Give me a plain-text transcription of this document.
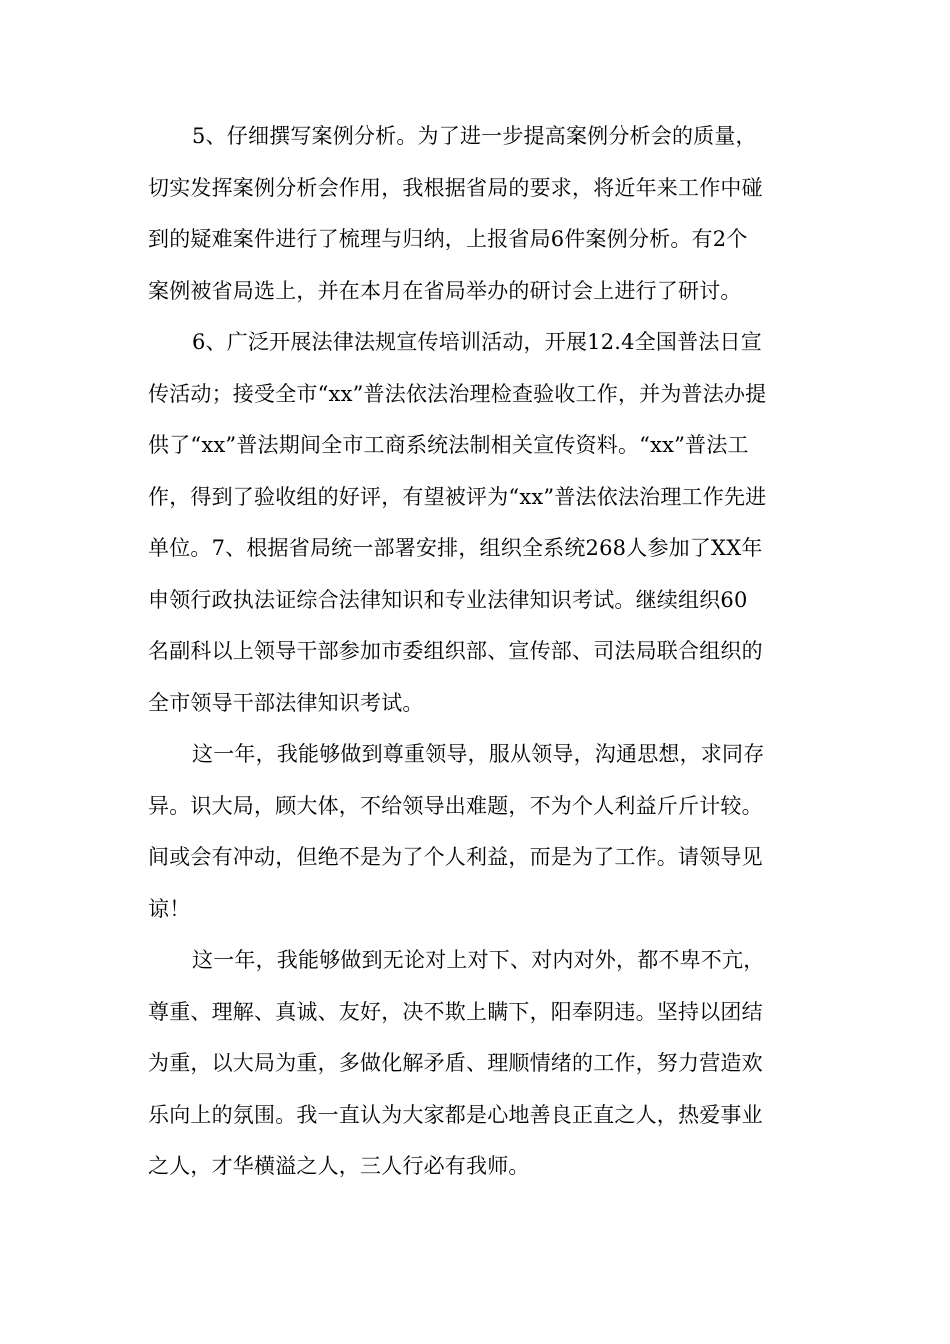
5、仔细撰写案例分析。为了进一步提高案例分析会的质量，
切实发挥案例分析会作用，我根据省局的要求，将近年来工作中碰
到的疑难案件进行了梳理与归纳，上报省局6件案例分析。有2个
案例被省局选上，并在本月在省局举办的研讨会上进行了研讨。
6、广泛开展法律法规宣传培训活动，开展12.4全国普法日宣
传活动；接受全市“xx”普法依法治理检查验收工作，并为普法办提
供了“xx”普法期间全市工商系统法制相关宣传资料。“xx”普法工
作，得到了验收组的好评，有望被评为“xx”普法依法治理工作先进
单位。7、根据省局统一部署安排，组织全系统268人参加了XX年
申领行政执法证综合法律知识和专业法律知识考试。继续组织60
名副科以上领导干部参加市委组织部、宣传部、司法局联合组织的
全市领导干部法律知识考试。
这一年，我能够做到尊重领导，服从领导，沟通思想，求同存
异。识大局，顾大体，不给领导出难题，不为个人利益斤斤计较。
间或会有冲动，但绝不是为了个人利益，而是为了工作。请领导见
谅！
这一年，我能够做到无论对上对下、对内对外，都不卑不亢，
尊重、理解、真诚、友好，决不欺上瞒下，阳奉阴违。坚持以团结
为重，以大局为重，多做化解矛盾、理顺情绪的工作，努力营造欢
乐向上的氛围。我一直认为大家都是心地善良正直之人，热爱事业
之人，才华横溢之人，三人行必有我师。
